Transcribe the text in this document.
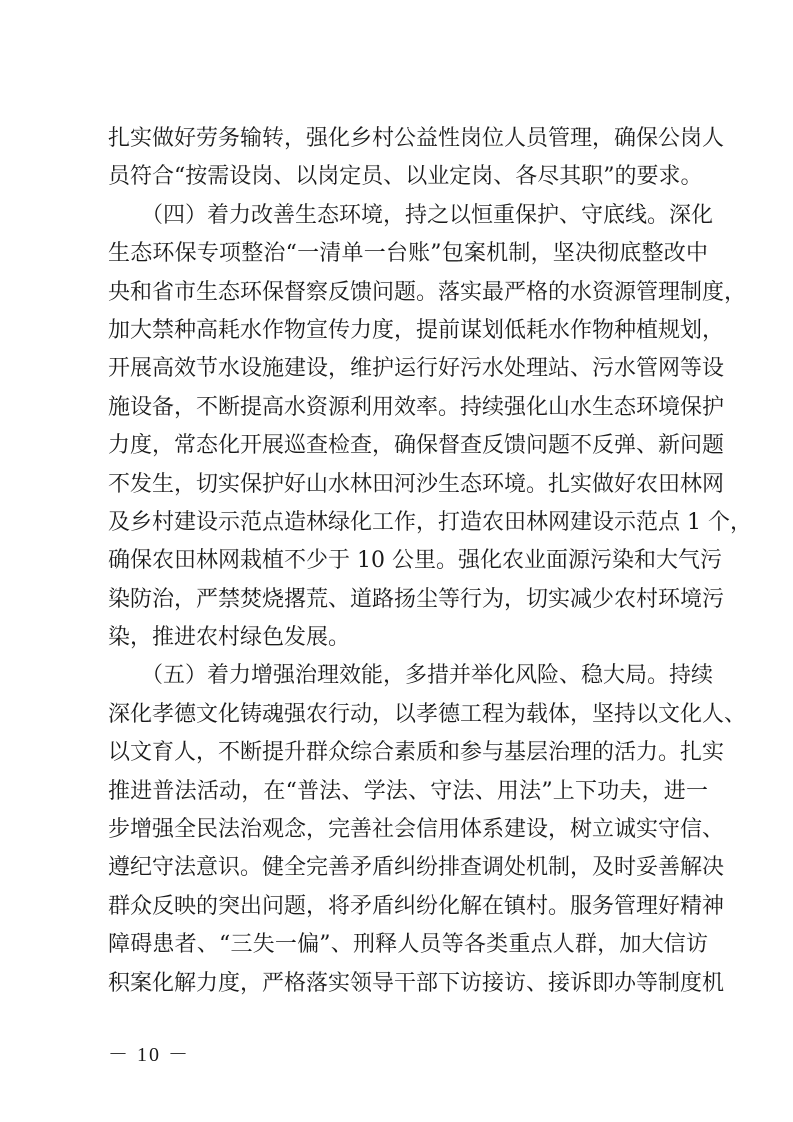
扎实做好劳务输转，强化乡村公益性岗位人员管理，确保公岗人
员符合“按需设岗、以岗定员、以业定岗、各尽其职”的要求。
　　（四）着力改善生态环境，持之以恒重保护、守底线。深化
生态环保专项整治“一清单一台账”包案机制，坚决彻底整改中
央和省市生态环保督察反馈问题。落实最严格的水资源管理制度，
加大禁种高耗水作物宣传力度，提前谋划低耗水作物种植规划，
开展高效节水设施建设，维护运行好污水处理站、污水管网等设
施设备，不断提高水资源利用效率。持续强化山水生态环境保护
力度，常态化开展巡查检查，确保督查反馈问题不反弹、新问题
不发生，切实保护好山水林田河沙生态环境。扎实做好农田林网
及乡村建设示范点造林绿化工作，打造农田林网建设示范点 1 个，
确保农田林网栽植不少于 10 公里。强化农业面源污染和大气污
染防治，严禁焚烧撂荒、道路扬尘等行为，切实减少农村环境污
染，推进农村绿色发展。
　　（五）着力增强治理效能，多措并举化风险、稳大局。持续
深化孝德文化铸魂强农行动，以孝德工程为载体，坚持以文化人、
以文育人，不断提升群众综合素质和参与基层治理的活力。扎实
推进普法活动，在“普法、学法、守法、用法”上下功夫，进一
步增强全民法治观念，完善社会信用体系建设，树立诚实守信、
遵纪守法意识。健全完善矛盾纠纷排查调处机制，及时妥善解决
群众反映的突出问题，将矛盾纠纷化解在镇村。服务管理好精神
障碍患者、“三失一偏”、刑释人员等各类重点人群，加大信访
积案化解力度，严格落实领导干部下访接访、接诉即办等制度机
－ 10 －
